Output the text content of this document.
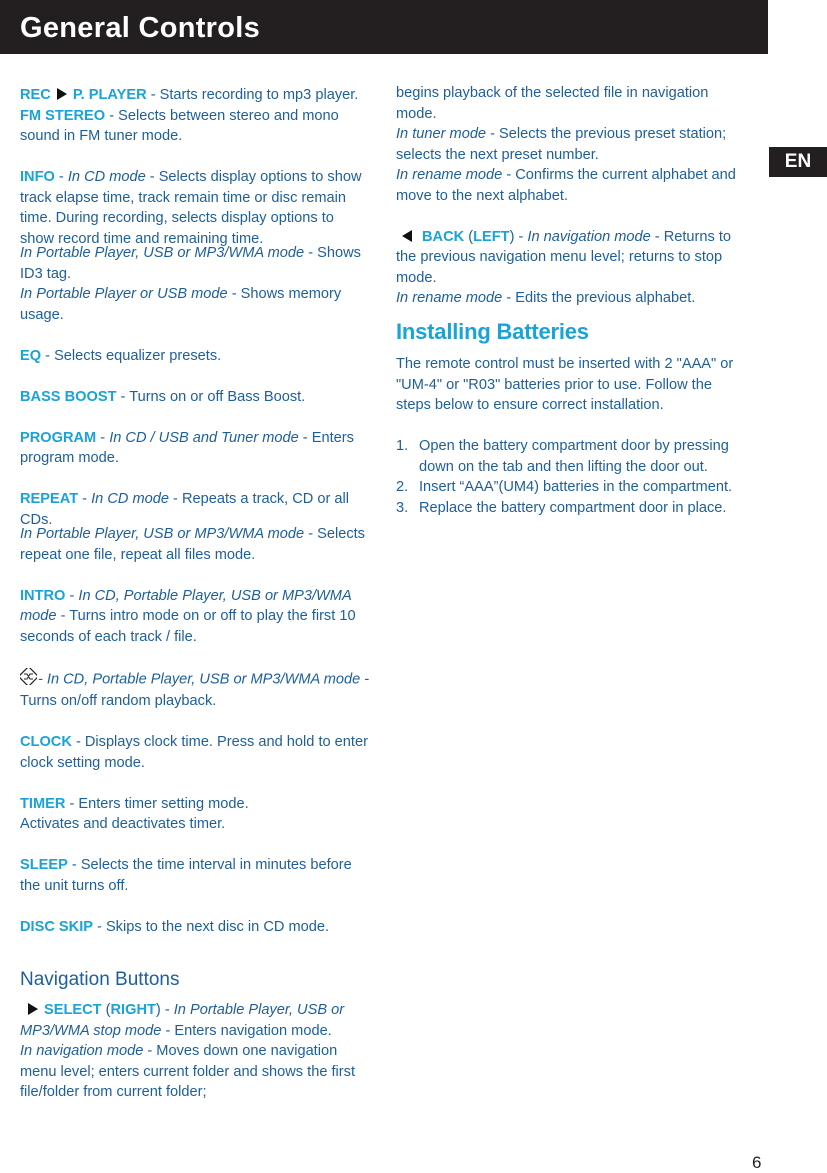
General Controls
EN

REC P. PLAYER - Starts recording to mp3 player.

FM STEREO - Selects between stereo and mono sound in FM tuner mode.

INFO - In CD mode - Selects display options to show track elapse time, track remain time or disc remain time. During recording, selects display options to show record time and remaining time.

In Portable Player, USB or MP3/WMA mode - Shows ID3 tag.

In Portable Player or USB mode - Shows memory usage.

EQ - Selects equalizer presets.

BASS BOOST - Turns on or off Bass Boost.

PROGRAM - In CD / USB and Tuner mode - Enters program mode.

REPEAT - In CD mode - Repeats a track, CD or all CDs.

In Portable Player, USB or MP3/WMA mode - Selects repeat one file, repeat all files mode.

INTRO - In CD, Portable Player, USB or MP3/WMA mode - Turns intro mode on or off to play the first 10 seconds of each track / file.

- In CD, Portable Player, USB or MP3/WMA mode - Turns on/off random playback.

CLOCK - Displays clock time. Press and hold to enter clock setting mode.

TIMER - Enters timer setting mode.

Activates and deactivates timer.

SLEEP - Selects the time interval in minutes before the unit turns off.

DISC SKIP - Skips to the next disc in CD mode.

Navigation Buttons

SELECT (RIGHT) - In Portable Player, USB or MP3/WMA stop mode - Enters navigation mode.

In navigation mode - Moves down one navigation menu level; enters current folder and shows the first file/folder from current folder;

begins playback of the selected file in navigation mode.

In tuner mode - Selects the previous preset station; selects the next preset number.

In rename mode - Confirms the current alphabet and move to the next alphabet.

BACK (LEFT) - In navigation mode - Returns to the previous navigation menu level; returns to stop mode.

In rename mode - Edits the previous alphabet.

Installing Batteries

The remote control must be inserted with 2 "AAA" or "UM-4" or "R03" batteries prior to use. Follow the steps below to ensure correct installation.

1. Open the battery compartment door by pressing down on the tab and then lifting the door out.
2. Insert “AAA”(UM4) batteries in the compartment.
3. Replace the battery compartment door in place.
6
